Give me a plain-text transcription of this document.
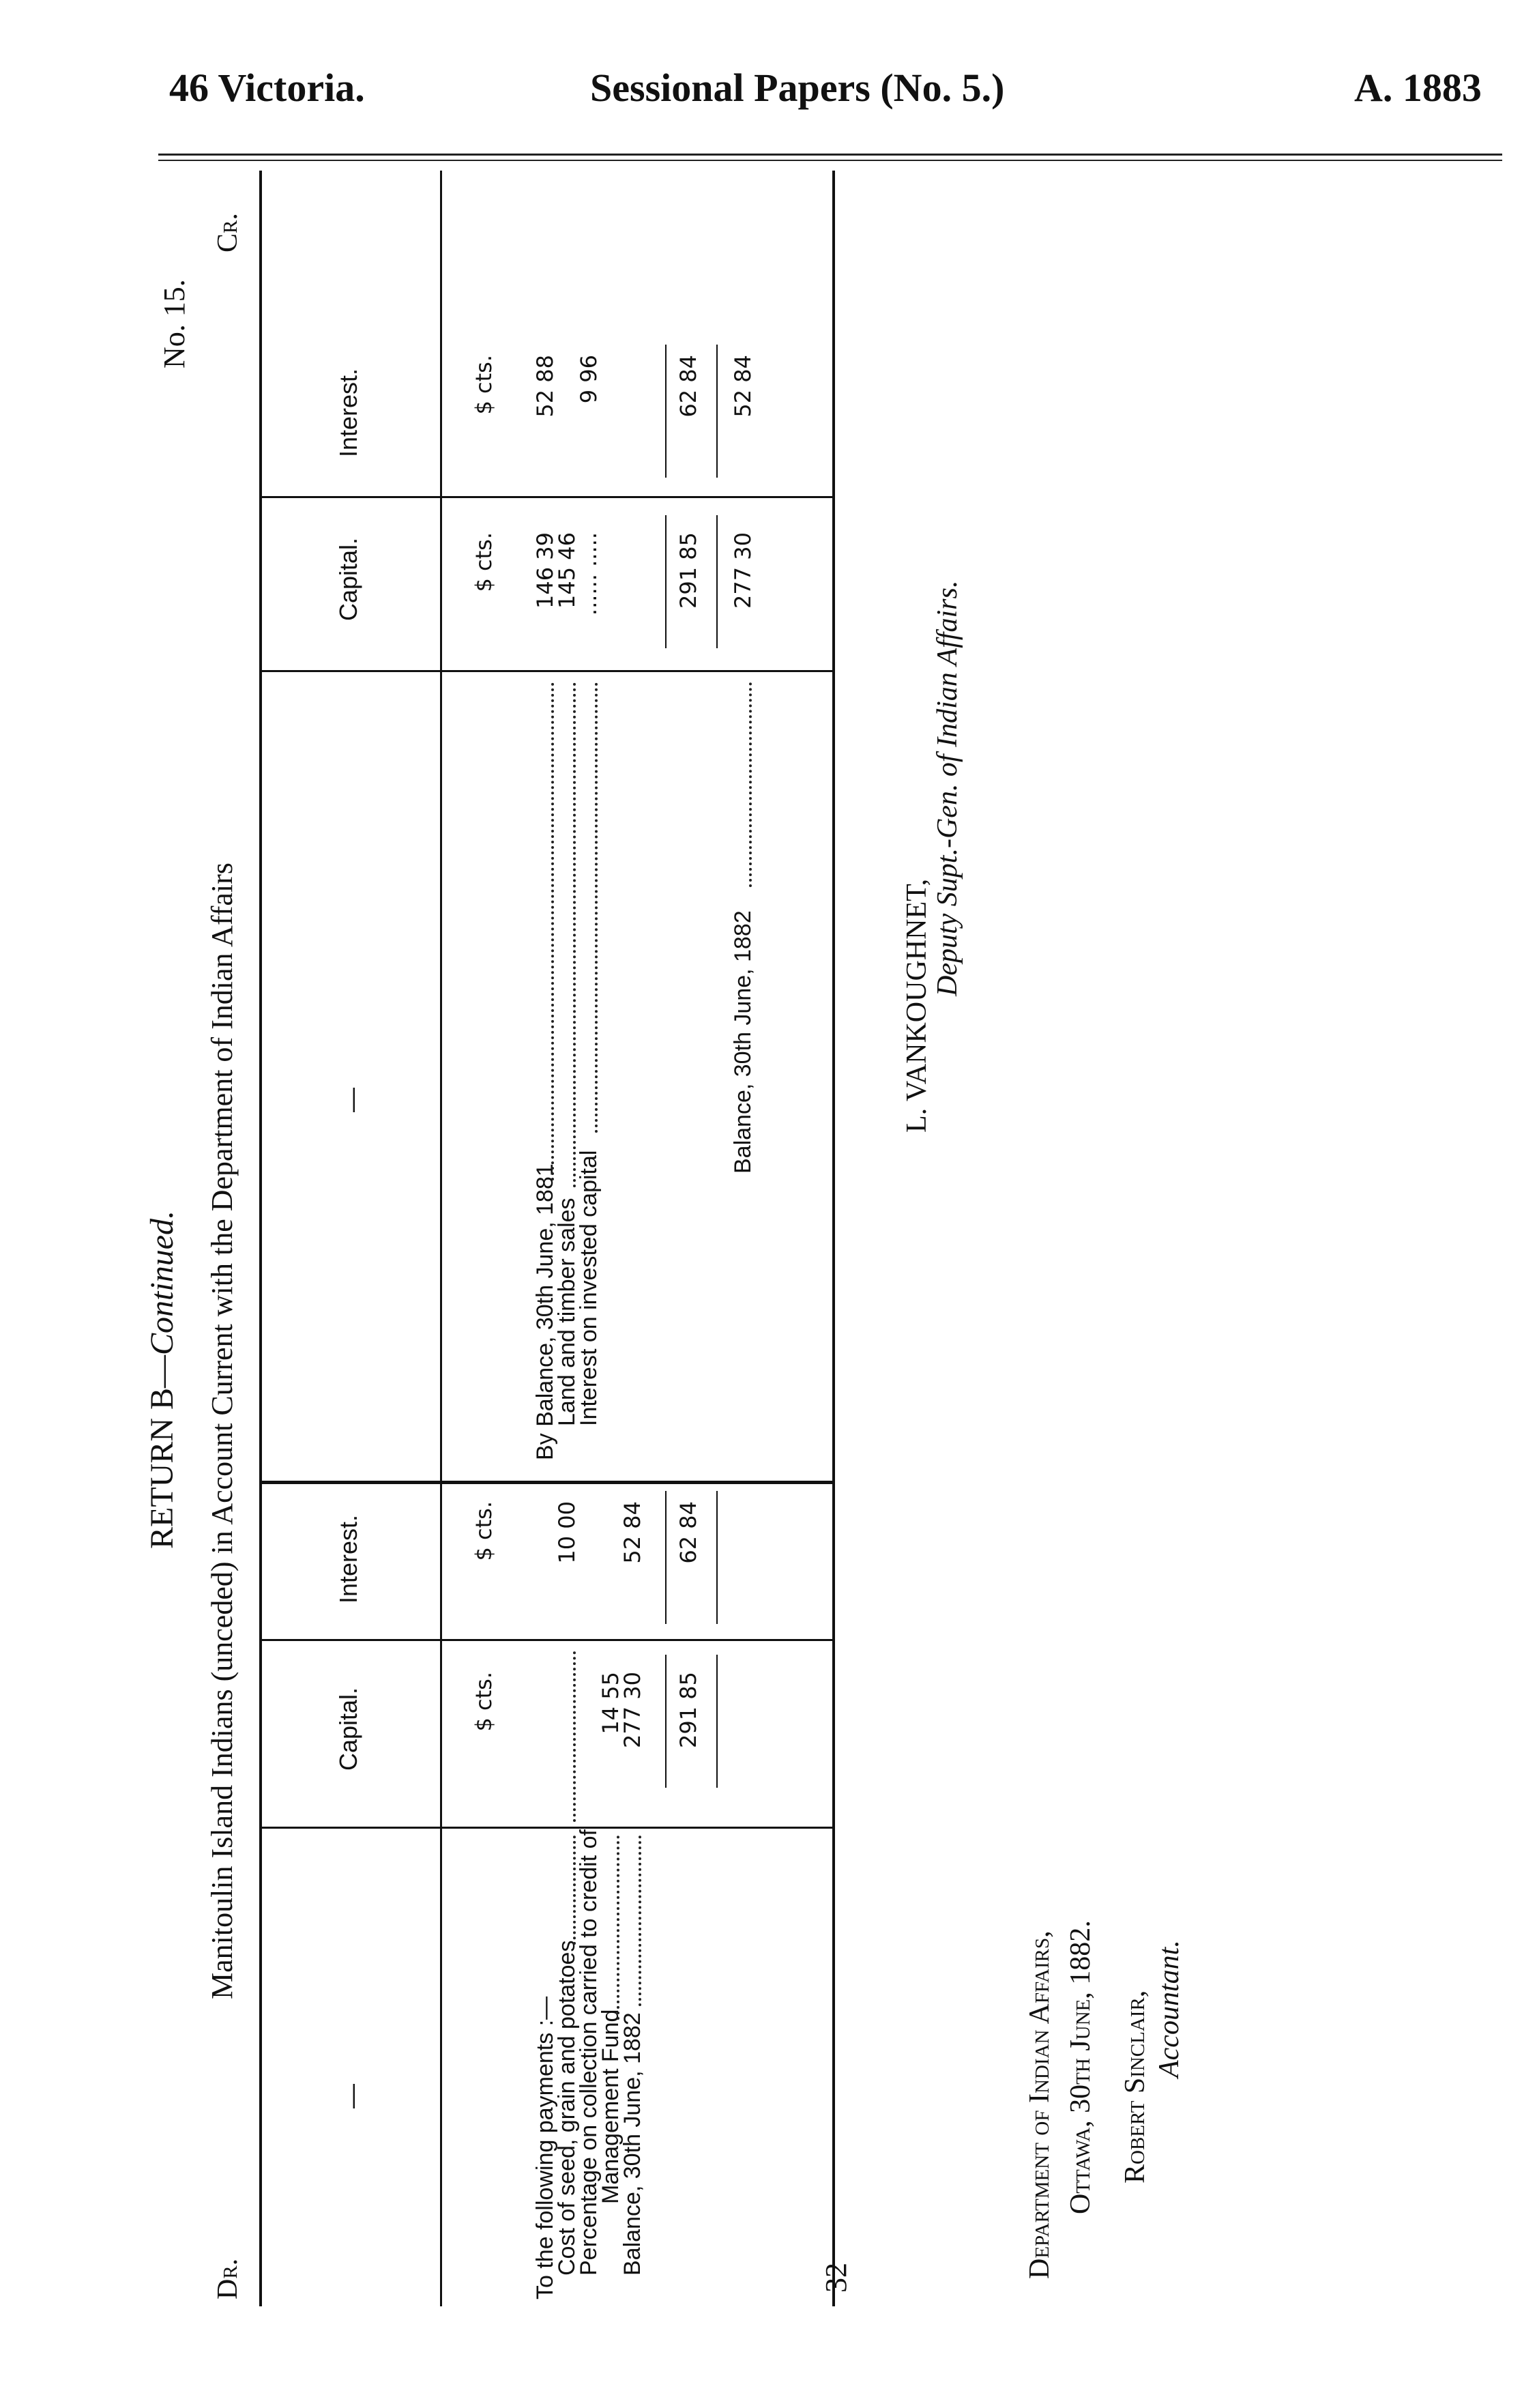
46 Victoria.	Sessional Papers (No. 5.)	A. 1883
RETURN B—Continued.
No. 15.
Dr.
Manitoulin Island Indians (unceded) in Account Current with the Department of Indian Affairs
Cr.
—
Capital.
Interest.
—
Capital.
Interest.
$ cts.
$ cts.
$ cts.
$ cts.
To the following payments :—
Cost of seed, grain and potatoes
10 00
Percentage on collection carried to credit of
Management Fund
14 55
Balance, 30th June, 1882
277 30
52 84
291 85
62 84
By Balance, 30th June, 1881
146 39
52 88
Land and timber sales
145 46
Interest on invested capital
...... .....
9 96
291 85
62 84
Balance, 30th June, 1882
277 30
52 84
32
L. VANKOUGHNET,
Deputy Supt.-Gen. of Indian Affairs.
Department of Indian Affairs, Ottawa, 30th June, 1882. Robert Sinclair, Accountant.
